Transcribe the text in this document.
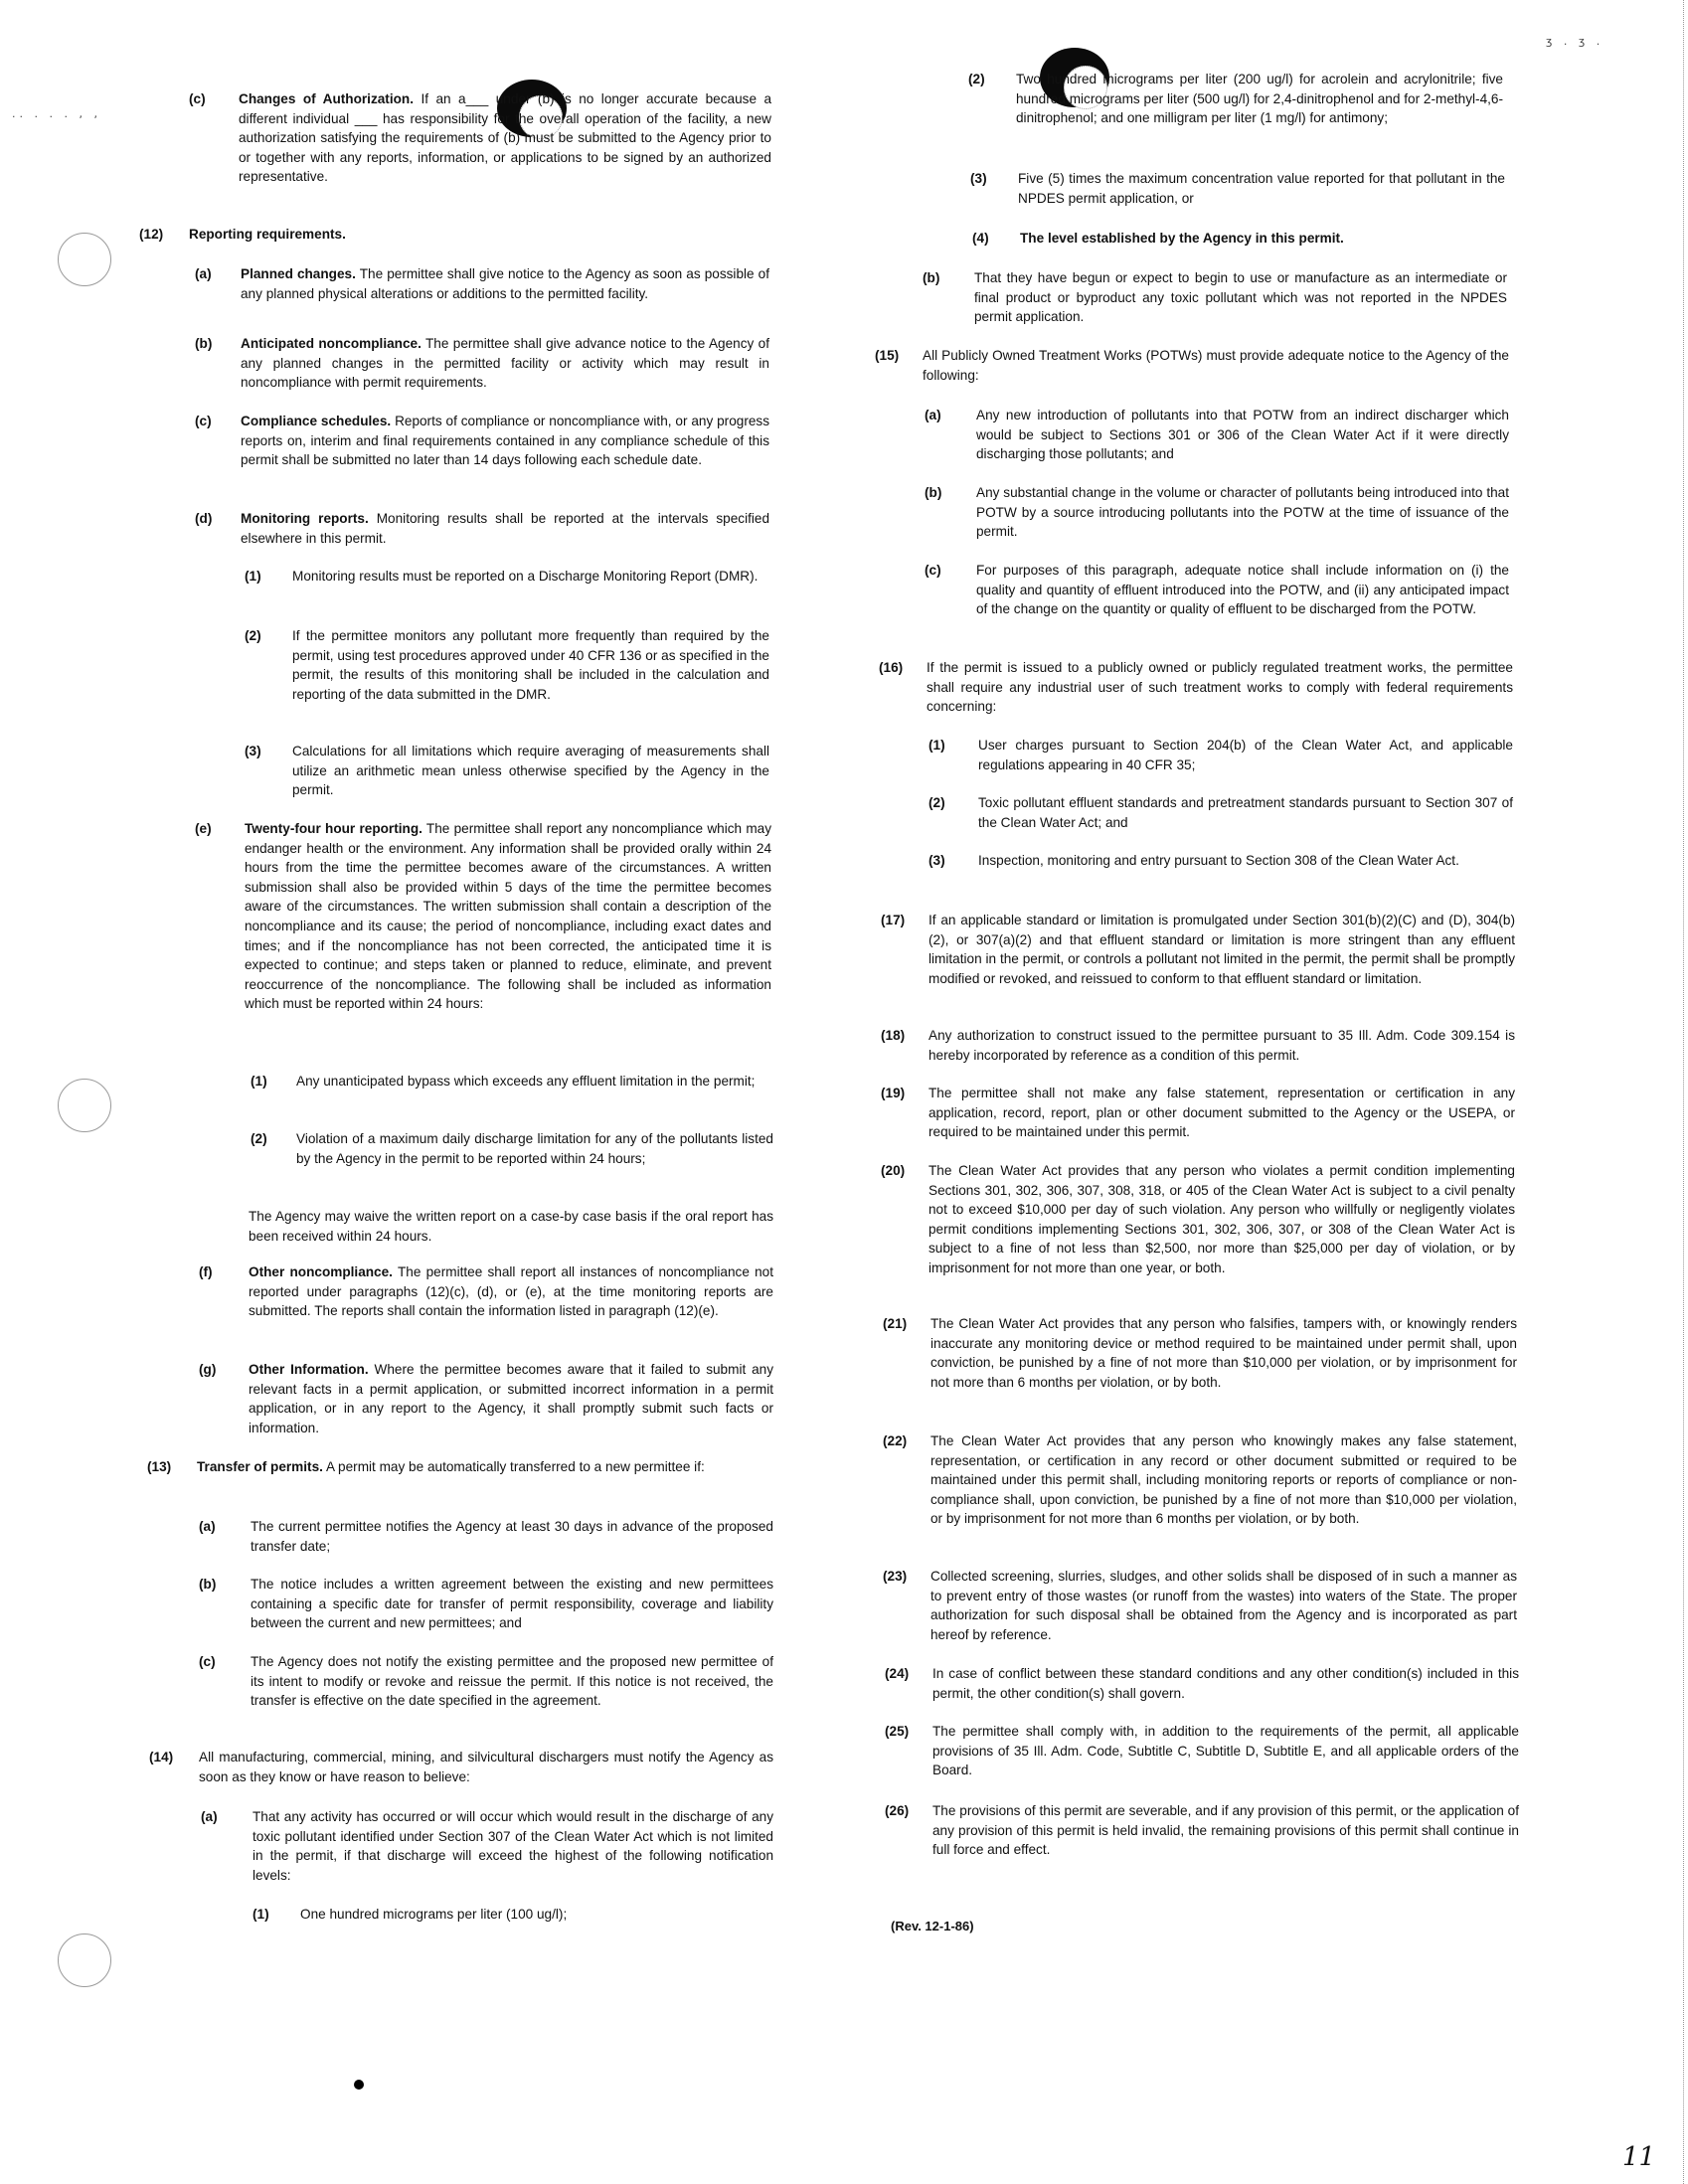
.. . . . , ,
ʒ . ʒ .
(c) Changes of Authorization. If an a___ under (b) is no longer accurate because a different individual ___ has responsibility for the overall operation of the facility, a new authorization satisfying the requirements of (b) must be submitted to the Agency prior to or together with any reports, information, or applications to be signed by an authorized representative.

(12) Reporting requirements.

(a) Planned changes. The permittee shall give notice to the Agency as soon as possible of any planned physical alterations or additions to the permitted facility.

(b) Anticipated noncompliance. The permittee shall give advance notice to the Agency of any planned changes in the permitted facility or activity which may result in noncompliance with permit requirements.

(c) Compliance schedules. Reports of compliance or noncompliance with, or any progress reports on, interim and final requirements contained in any compliance schedule of this permit shall be submitted no later than 14 days following each schedule date.

(d) Monitoring reports. Monitoring results shall be reported at the intervals specified elsewhere in this permit.

(1) Monitoring results must be reported on a Discharge Monitoring Report (DMR).

(2) If the permittee monitors any pollutant more frequently than required by the permit, using test procedures approved under 40 CFR 136 or as specified in the permit, the results of this monitoring shall be included in the calculation and reporting of the data submitted in the DMR.

(3) Calculations for all limitations which require averaging of measurements shall utilize an arithmetic mean unless otherwise specified by the Agency in the permit.

(e) Twenty-four hour reporting. The permittee shall report any noncompliance which may endanger health or the environment. Any information shall be provided orally within 24 hours from the time the permittee becomes aware of the circumstances. A written submission shall also be provided within 5 days of the time the permittee becomes aware of the circumstances. The written submission shall contain a description of the noncompliance and its cause; the period of noncompliance, including exact dates and times; and if the noncompliance has not been corrected, the anticipated time it is expected to continue; and steps taken or planned to reduce, eliminate, and prevent reoccurrence of the noncompliance. The following shall be included as information which must be reported within 24 hours:

(1) Any unanticipated bypass which exceeds any effluent limitation in the permit;

(2) Violation of a maximum daily discharge limitation for any of the pollutants listed by the Agency in the permit to be reported within 24 hours;

The Agency may waive the written report on a case-by case basis if the oral report has been received within 24 hours.

(f)	Other noncompliance. The permittee shall report all instances of noncompliance not reported under paragraphs (12)(c), (d), or (e), at the time monitoring reports are submitted. The reports shall contain the information listed in paragraph (12)(e).

(g) Other Information. Where the permittee becomes aware that it failed to submit any relevant facts in a permit application, or submitted incorrect information in a permit application, or in any report to the Agency, it shall promptly submit such facts or information.

(13) Transfer of permits. A permit may be automatically transferred to a new permittee if:

(a)	The current permittee notifies the Agency at least 30 days in advance of the proposed transfer date;

(b)	The notice includes a written agreement between the existing and new permittees containing a specific date for transfer of permit responsibility, coverage and liability between the current and new permittees; and

(c)	The Agency does not notify the existing permittee and the proposed new permittee of its intent to modify or revoke and reissue the permit. If this notice is not received, the transfer is effective on the date specified in the agreement.

(14) All manufacturing, commercial, mining, and silvicultural dischargers must notify the Agency as soon as they know or have reason to believe:

(a)	That any activity has occurred or will occur which would result in the discharge of any toxic pollutant identified under Section 307 of the Clean Water Act which is not limited in the permit, if that discharge will exceed the highest of the following notification levels:

(1) One hundred micrograms per liter (100 ug/l);

(2) Two hundred micrograms per liter (200 ug/l) for acrolein and acrylonitrile; five hundred micrograms per liter (500 ug/l) for 2,4-dinitrophenol and for 2-methyl-4,6-dinitrophenol; and one milligram per liter (1 mg/l) for antimony;

(3) Five (5) times the maximum concentration value reported for that pollutant in the NPDES permit application, or

(4) The level established by the Agency in this permit.

(b)	That they have begun or expect to begin to use or manufacture as an intermediate or final product or byproduct any toxic pollutant which was not reported in the NPDES permit application.

(15) All Publicly Owned Treatment Works (POTWs) must provide adequate notice to the Agency of the following:

(a)	Any new introduction of pollutants into that POTW from an indirect discharger which would be subject to Sections 301 or 306 of the Clean Water Act if it were directly discharging those pollutants; and

(b)	Any substantial change in the volume or character of pollutants being introduced into that POTW by a source introducing pollutants into the POTW at the time of issuance of the permit.

(c)	For purposes of this paragraph, adequate notice shall include information on (i) the quality and quantity of effluent introduced into the POTW, and (ii) any anticipated impact of the change on the quantity or quality of effluent to be discharged from the POTW.

(16) If the permit is issued to a publicly owned or publicly regulated treatment works, the permittee shall require any industrial user of such treatment works to comply with federal requirements concerning:

(1) User charges pursuant to Section 204(b) of the Clean Water Act, and applicable regulations appearing in 40 CFR 35;

(2) Toxic pollutant effluent standards and pretreatment standards pursuant to Section 307 of the Clean Water Act; and

(3) Inspection, monitoring and entry pursuant to Section 308 of the Clean Water Act.

(17) If an applicable standard or limitation is promulgated under Section 301(b)(2)(C) and (D), 304(b)(2), or 307(a)(2) and that effluent standard or limitation is more stringent than any effluent limitation in the permit, or controls a pollutant not limited in the permit, the permit shall be promptly modified or revoked, and reissued to conform to that effluent standard or limitation.

(18) Any authorization to construct issued to the permittee pursuant to 35 Ill. Adm. Code 309.154 is hereby incorporated by reference as a condition of this permit.

(19) The permittee shall not make any false statement, representation or certification in any application, record, report, plan or other document submitted to the Agency or the USEPA, or required to be maintained under this permit.

(20) The Clean Water Act provides that any person who violates a permit condition implementing Sections 301, 302, 306, 307, 308, 318, or 405 of the Clean Water Act is subject to a civil penalty not to exceed $10,000 per day of such violation. Any person who willfully or negligently violates permit conditions implementing Sections 301, 302, 306, 307, or 308 of the Clean Water Act is subject to a fine of not less than $2,500, nor more than $25,000 per day of violation, or by imprisonment for not more than one year, or both.

(21) The Clean Water Act provides that any person who falsifies, tampers with, or knowingly renders inaccurate any monitoring device or method required to be maintained under permit shall, upon conviction, be punished by a fine of not more than $10,000 per violation, or by imprisonment for not more than 6 months per violation, or by both.

(22) The Clean Water Act provides that any person who knowingly makes any false statement, representation, or certification in any record or other document submitted or required to be maintained under this permit shall, including monitoring reports or reports of compliance or non-compliance shall, upon conviction, be punished by a fine of not more than $10,000 per violation, or by imprisonment for not more than 6 months per violation, or by both.

(23) Collected screening, slurries, sludges, and other solids shall be disposed of in such a manner as to prevent entry of those wastes (or runoff from the wastes) into waters of the State. The proper authorization for such disposal shall be obtained from the Agency and is incorporated as part hereof by reference.

(24) In case of conflict between these standard conditions and any other condition(s) included in this permit, the other condition(s) shall govern.

(25) The permittee shall comply with, in addition to the requirements of the permit, all applicable provisions of 35 Ill. Adm. Code, Subtitle C, Subtitle D, Subtitle E, and all applicable orders of the Board.

(26) The provisions of this permit are severable, and if any provision of this permit, or the application of any provision of this permit is held invalid, the remaining provisions of this permit shall continue in full force and effect.

(Rev. 12-1-86)
11
